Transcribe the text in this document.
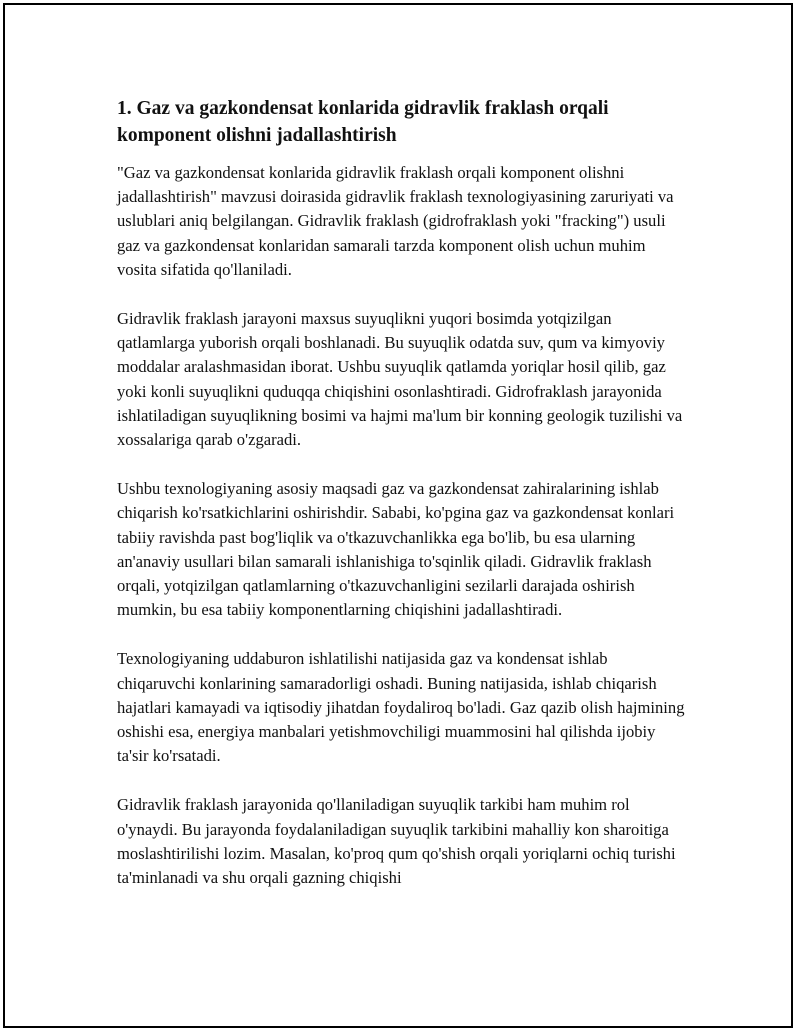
1. Gaz va gazkondensat konlarida gidravlik fraklash orqali komponent olishni jadallashtirish

"Gaz va gazkondensat konlarida gidravlik fraklash orqali komponent olishni jadallashtirish" mavzusi doirasida gidravlik fraklash texnologiyasining zaruriyati va uslublari aniq belgilangan. Gidravlik fraklash (gidrofraklash yoki "fracking") usuli gaz va gazkondensat konlaridan samarali tarzda komponent olish uchun muhim vosita sifatida qo'llaniladi.

Gidravlik fraklash jarayoni maxsus suyuqlikni yuqori bosimda yotqizilgan qatlamlarga yuborish orqali boshlanadi. Bu suyuqlik odatda suv, qum va kimyoviy moddalar aralashmasidan iborat. Ushbu suyuqlik qatlamda yoriqlar hosil qilib, gaz yoki konli suyuqlikni quduqqa chiqishini osonlashtiradi. Gidrofraklash jarayonida ishlatiladigan suyuqlikning bosimi va hajmi ma'lum bir konning geologik tuzilishi va xossalariga qarab o'zgaradi.

Ushbu texnologiyaning asosiy maqsadi gaz va gazkondensat zahiralarining ishlab chiqarish ko'rsatkichlarini oshirishdir. Sababi, ko'pgina gaz va gazkondensat konlari tabiiy ravishda past bog'liqlik va o'tkazuvchanlikka ega bo'lib, bu esa ularning an'anaviy usullari bilan samarali ishlanishiga to'sqinlik qiladi. Gidravlik fraklash orqali, yotqizilgan qatlamlarning o'tkazuvchanligini sezilarli darajada oshirish mumkin, bu esa tabiiy komponentlarning chiqishini jadallashtiradi.

Texnologiyaning uddaburon ishlatilishi natijasida gaz va kondensat ishlab chiqaruvchi konlarining samaradorligi oshadi. Buning natijasida, ishlab chiqarish hajatlari kamayadi va iqtisodiy jihatdan foydaliroq bo'ladi. Gaz qazib olish hajmining oshishi esa, energiya manbalari yetishmovchiligi muammosini hal qilishda ijobiy ta'sir ko'rsatadi.

Gidravlik fraklash jarayonida qo'llaniladigan suyuqlik tarkibi ham muhim rol o'ynaydi. Bu jarayonda foydalaniladigan suyuqlik tarkibini mahalliy kon sharoitiga moslashtirilishi lozim. Masalan, ko'proq qum qo'shish orqali yoriqlarni ochiq turishi ta'minlanadi va shu orqali gazning chiqishi
